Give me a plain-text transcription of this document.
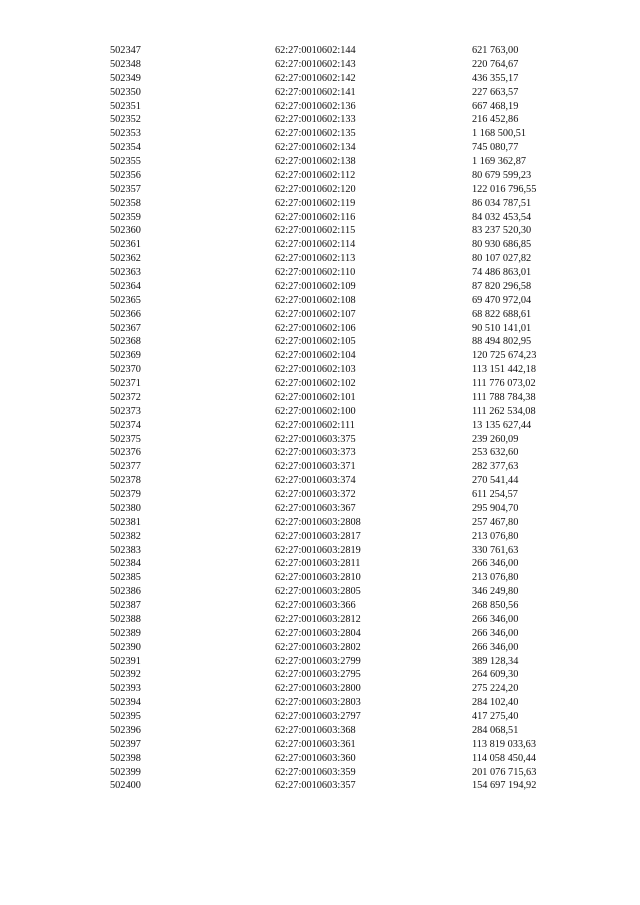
502347	62:27:0010602:144	621 763,00
502348	62:27:0010602:143	220 764,67
502349	62:27:0010602:142	436 355,17
502350	62:27:0010602:141	227 663,57
502351	62:27:0010602:136	667 468,19
502352	62:27:0010602:133	216 452,86
502353	62:27:0010602:135	1 168 500,51
502354	62:27:0010602:134	745 080,77
502355	62:27:0010602:138	1 169 362,87
502356	62:27:0010602:112	80 679 599,23
502357	62:27:0010602:120	122 016 796,55
502358	62:27:0010602:119	86 034 787,51
502359	62:27:0010602:116	84 032 453,54
502360	62:27:0010602:115	83 237 520,30
502361	62:27:0010602:114	80 930 686,85
502362	62:27:0010602:113	80 107 027,82
502363	62:27:0010602:110	74 486 863,01
502364	62:27:0010602:109	87 820 296,58
502365	62:27:0010602:108	69 470 972,04
502366	62:27:0010602:107	68 822 688,61
502367	62:27:0010602:106	90 510 141,01
502368	62:27:0010602:105	88 494 802,95
502369	62:27:0010602:104	120 725 674,23
502370	62:27:0010602:103	113 151 442,18
502371	62:27:0010602:102	111 776 073,02
502372	62:27:0010602:101	111 788 784,38
502373	62:27:0010602:100	111 262 534,08
502374	62:27:0010602:111	13 135 627,44
502375	62:27:0010603:375	239 260,09
502376	62:27:0010603:373	253 632,60
502377	62:27:0010603:371	282 377,63
502378	62:27:0010603:374	270 541,44
502379	62:27:0010603:372	611 254,57
502380	62:27:0010603:367	295 904,70
502381	62:27:0010603:2808	257 467,80
502382	62:27:0010603:2817	213 076,80
502383	62:27:0010603:2819	330 761,63
502384	62:27:0010603:2811	266 346,00
502385	62:27:0010603:2810	213 076,80
502386	62:27:0010603:2805	346 249,80
502387	62:27:0010603:366	268 850,56
502388	62:27:0010603:2812	266 346,00
502389	62:27:0010603:2804	266 346,00
502390	62:27:0010603:2802	266 346,00
502391	62:27:0010603:2799	389 128,34
502392	62:27:0010603:2795	264 609,30
502393	62:27:0010603:2800	275 224,20
502394	62:27:0010603:2803	284 102,40
502395	62:27:0010603:2797	417 275,40
502396	62:27:0010603:368	284 068,51
502397	62:27:0010603:361	113 819 033,63
502398	62:27:0010603:360	114 058 450,44
502399	62:27:0010603:359	201 076 715,63
502400	62:27:0010603:357	154 697 194,92
